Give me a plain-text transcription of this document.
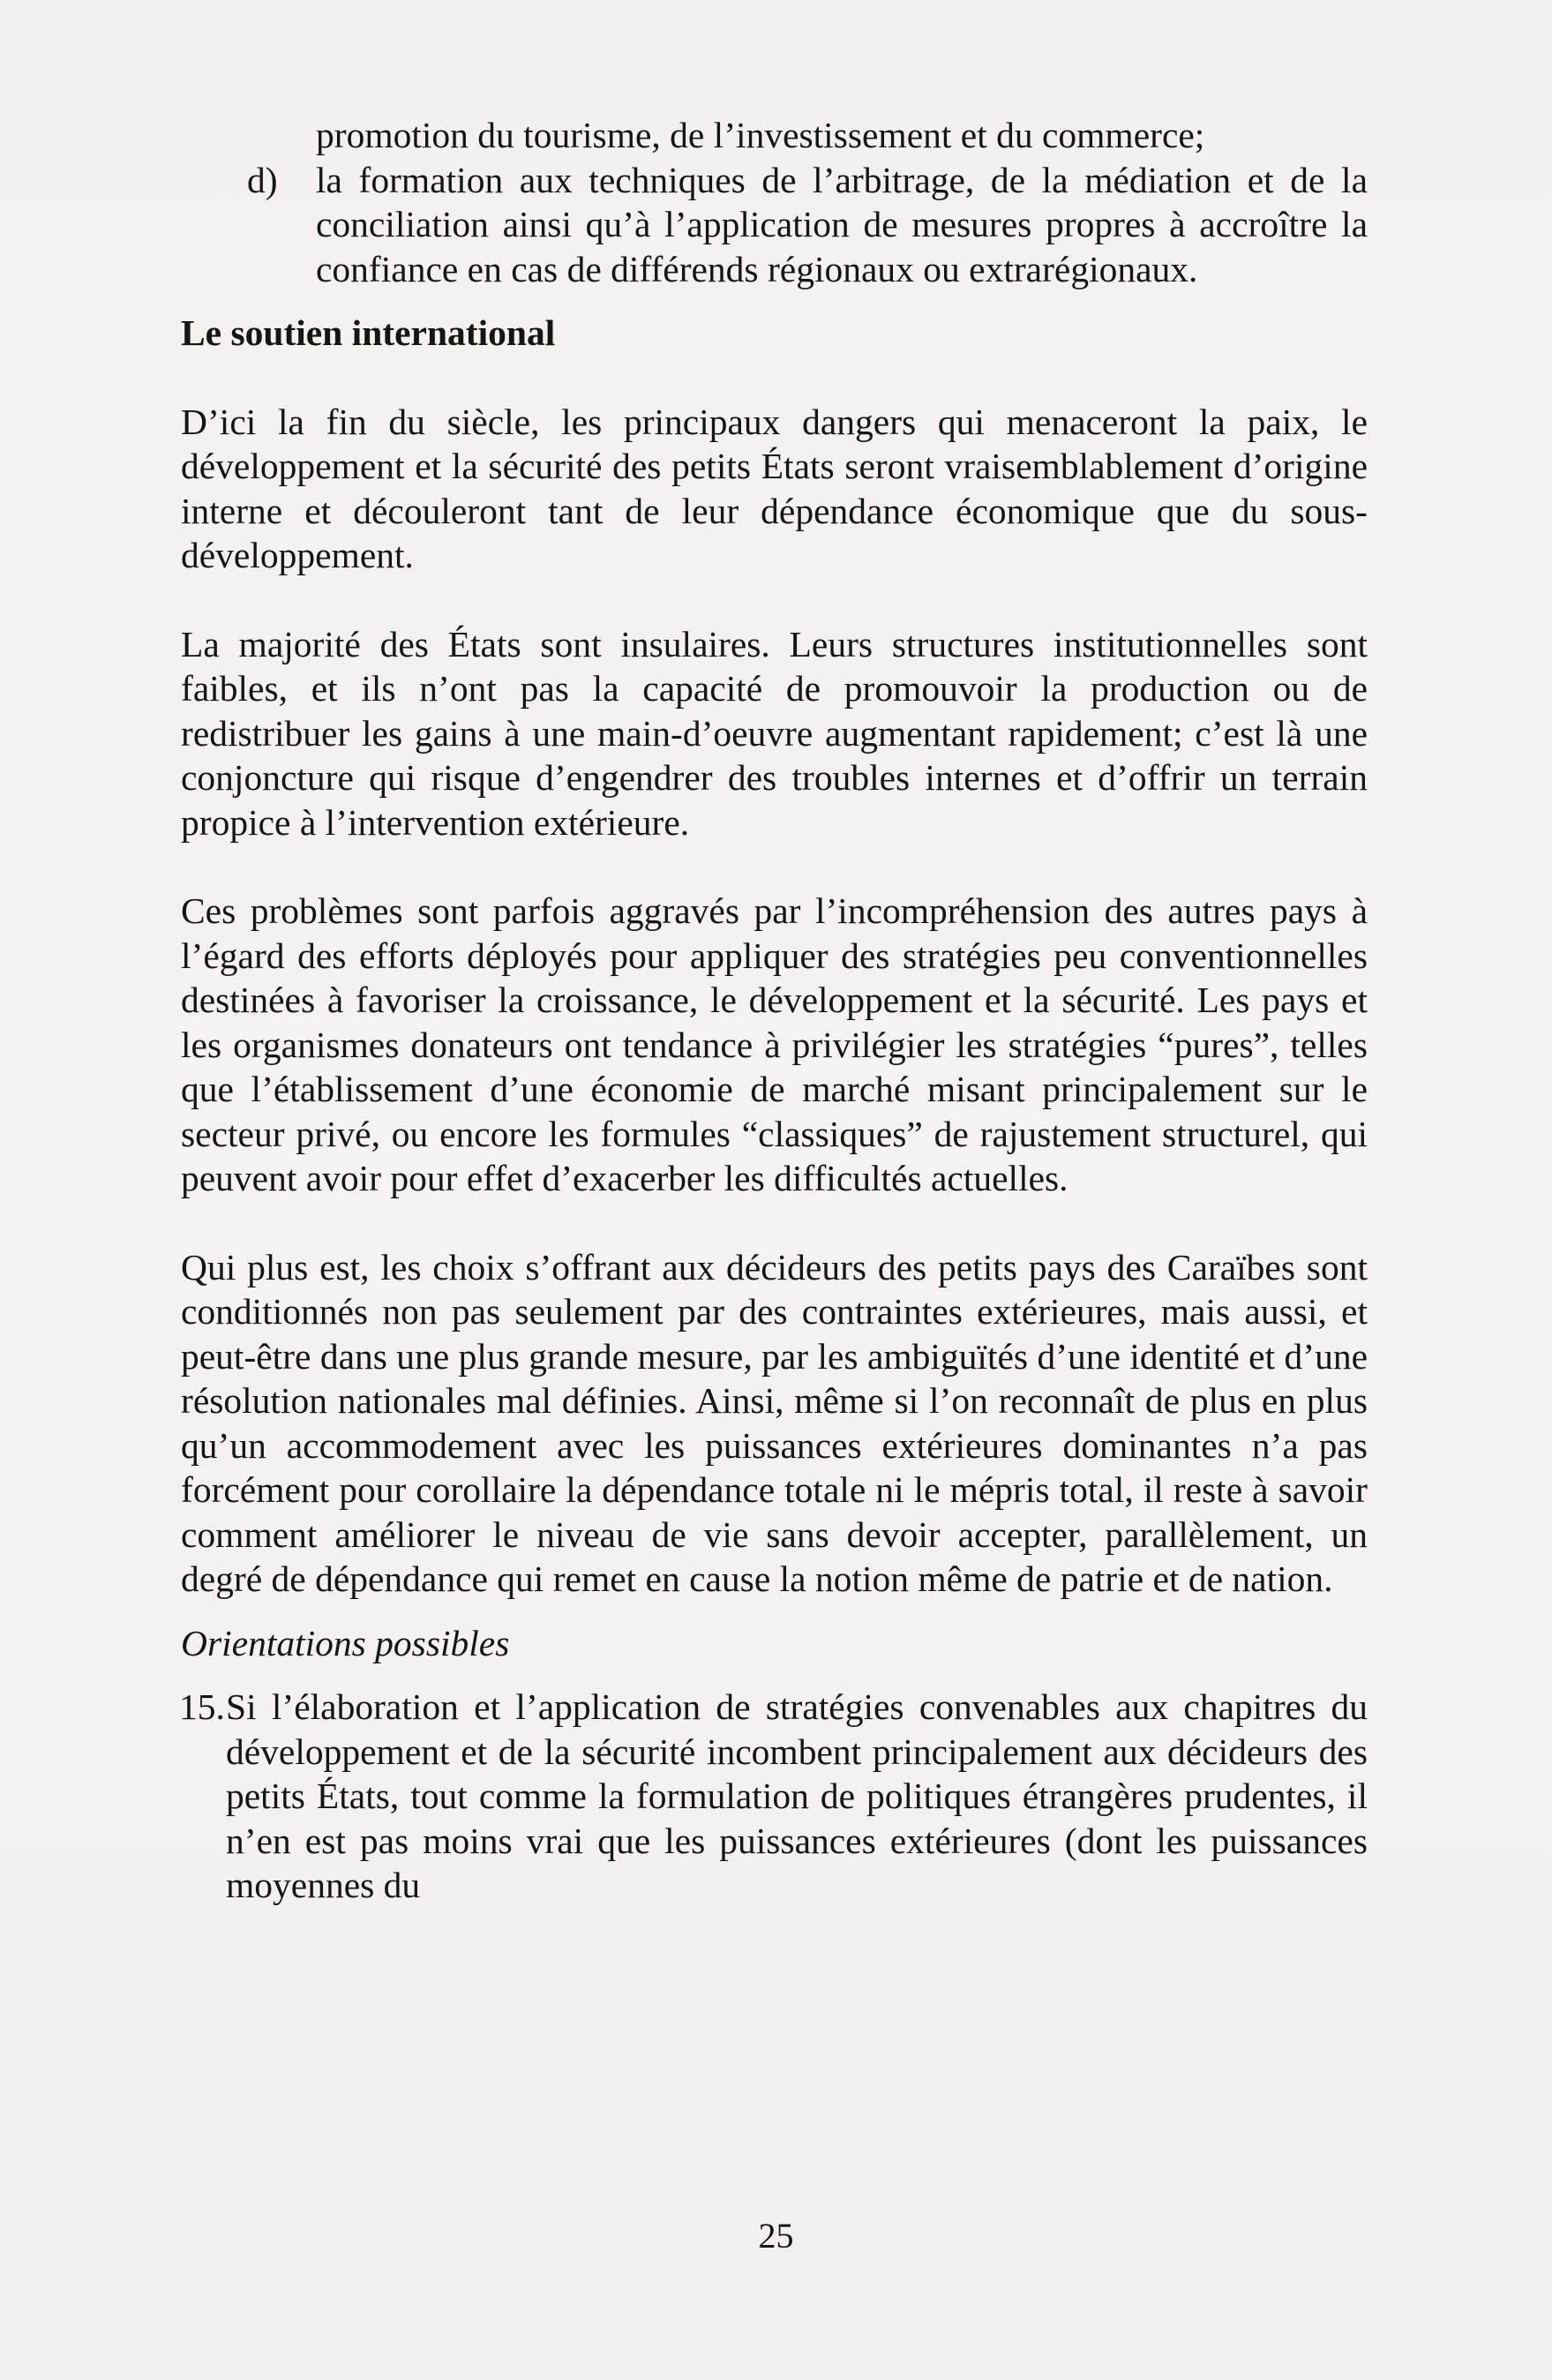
promotion du tourisme, de l’investissement et du commerce;

d) la formation aux techniques de l’arbitrage, de la médiation et de la conciliation ainsi qu’à l’application de mesures propres à accroître la confiance en cas de différends régionaux ou extrarégionaux.

Le soutien international

D’ici la fin du siècle, les principaux dangers qui menaceront la paix, le développement et la sécurité des petits États seront vraisemblablement d’origine interne et découleront tant de leur dépendance économique que du sous-développement.

La majorité des États sont insulaires. Leurs structures institutionnelles sont faibles, et ils n’ont pas la capacité de promouvoir la production ou de redistribuer les gains à une main-d’oeuvre augmentant rapidement; c’est là une conjoncture qui risque d’engendrer des troubles internes et d’offrir un terrain propice à l’intervention extérieure.

Ces problèmes sont parfois aggravés par l’incompréhension des autres pays à l’égard des efforts déployés pour appliquer des stratégies peu conventionnelles destinées à favoriser la croissance, le développement et la sécurité. Les pays et les organismes donateurs ont tendance à privilégier les stratégies “pures”, telles que l’établissement d’une économie de marché misant principalement sur le secteur privé, ou encore les formules “classiques” de rajustement structurel, qui peuvent avoir pour effet d’exacerber les difficultés actuelles.

Qui plus est, les choix s’offrant aux décideurs des petits pays des Caraïbes sont conditionnés non pas seulement par des contraintes extérieures, mais aussi, et peut-être dans une plus grande mesure, par les ambiguïtés d’une identité et d’une résolution nationales mal définies. Ainsi, même si l’on reconnaît de plus en plus qu’un accommodement avec les puissances extérieures dominantes n’a pas forcément pour corollaire la dépendance totale ni le mépris total, il reste à savoir comment améliorer le niveau de vie sans devoir accepter, parallèlement, un degré de dépendance qui remet en cause la notion même de patrie et de nation.

Orientations possibles
15. Si l’élaboration et l’application de stratégies convenables aux chapitres du développement et de la sécurité incombent principalement aux décideurs des petits États, tout comme la formulation de politiques étrangères prudentes, il n’en est pas moins vrai que les puissances extérieures (dont les puissances moyennes du

25
